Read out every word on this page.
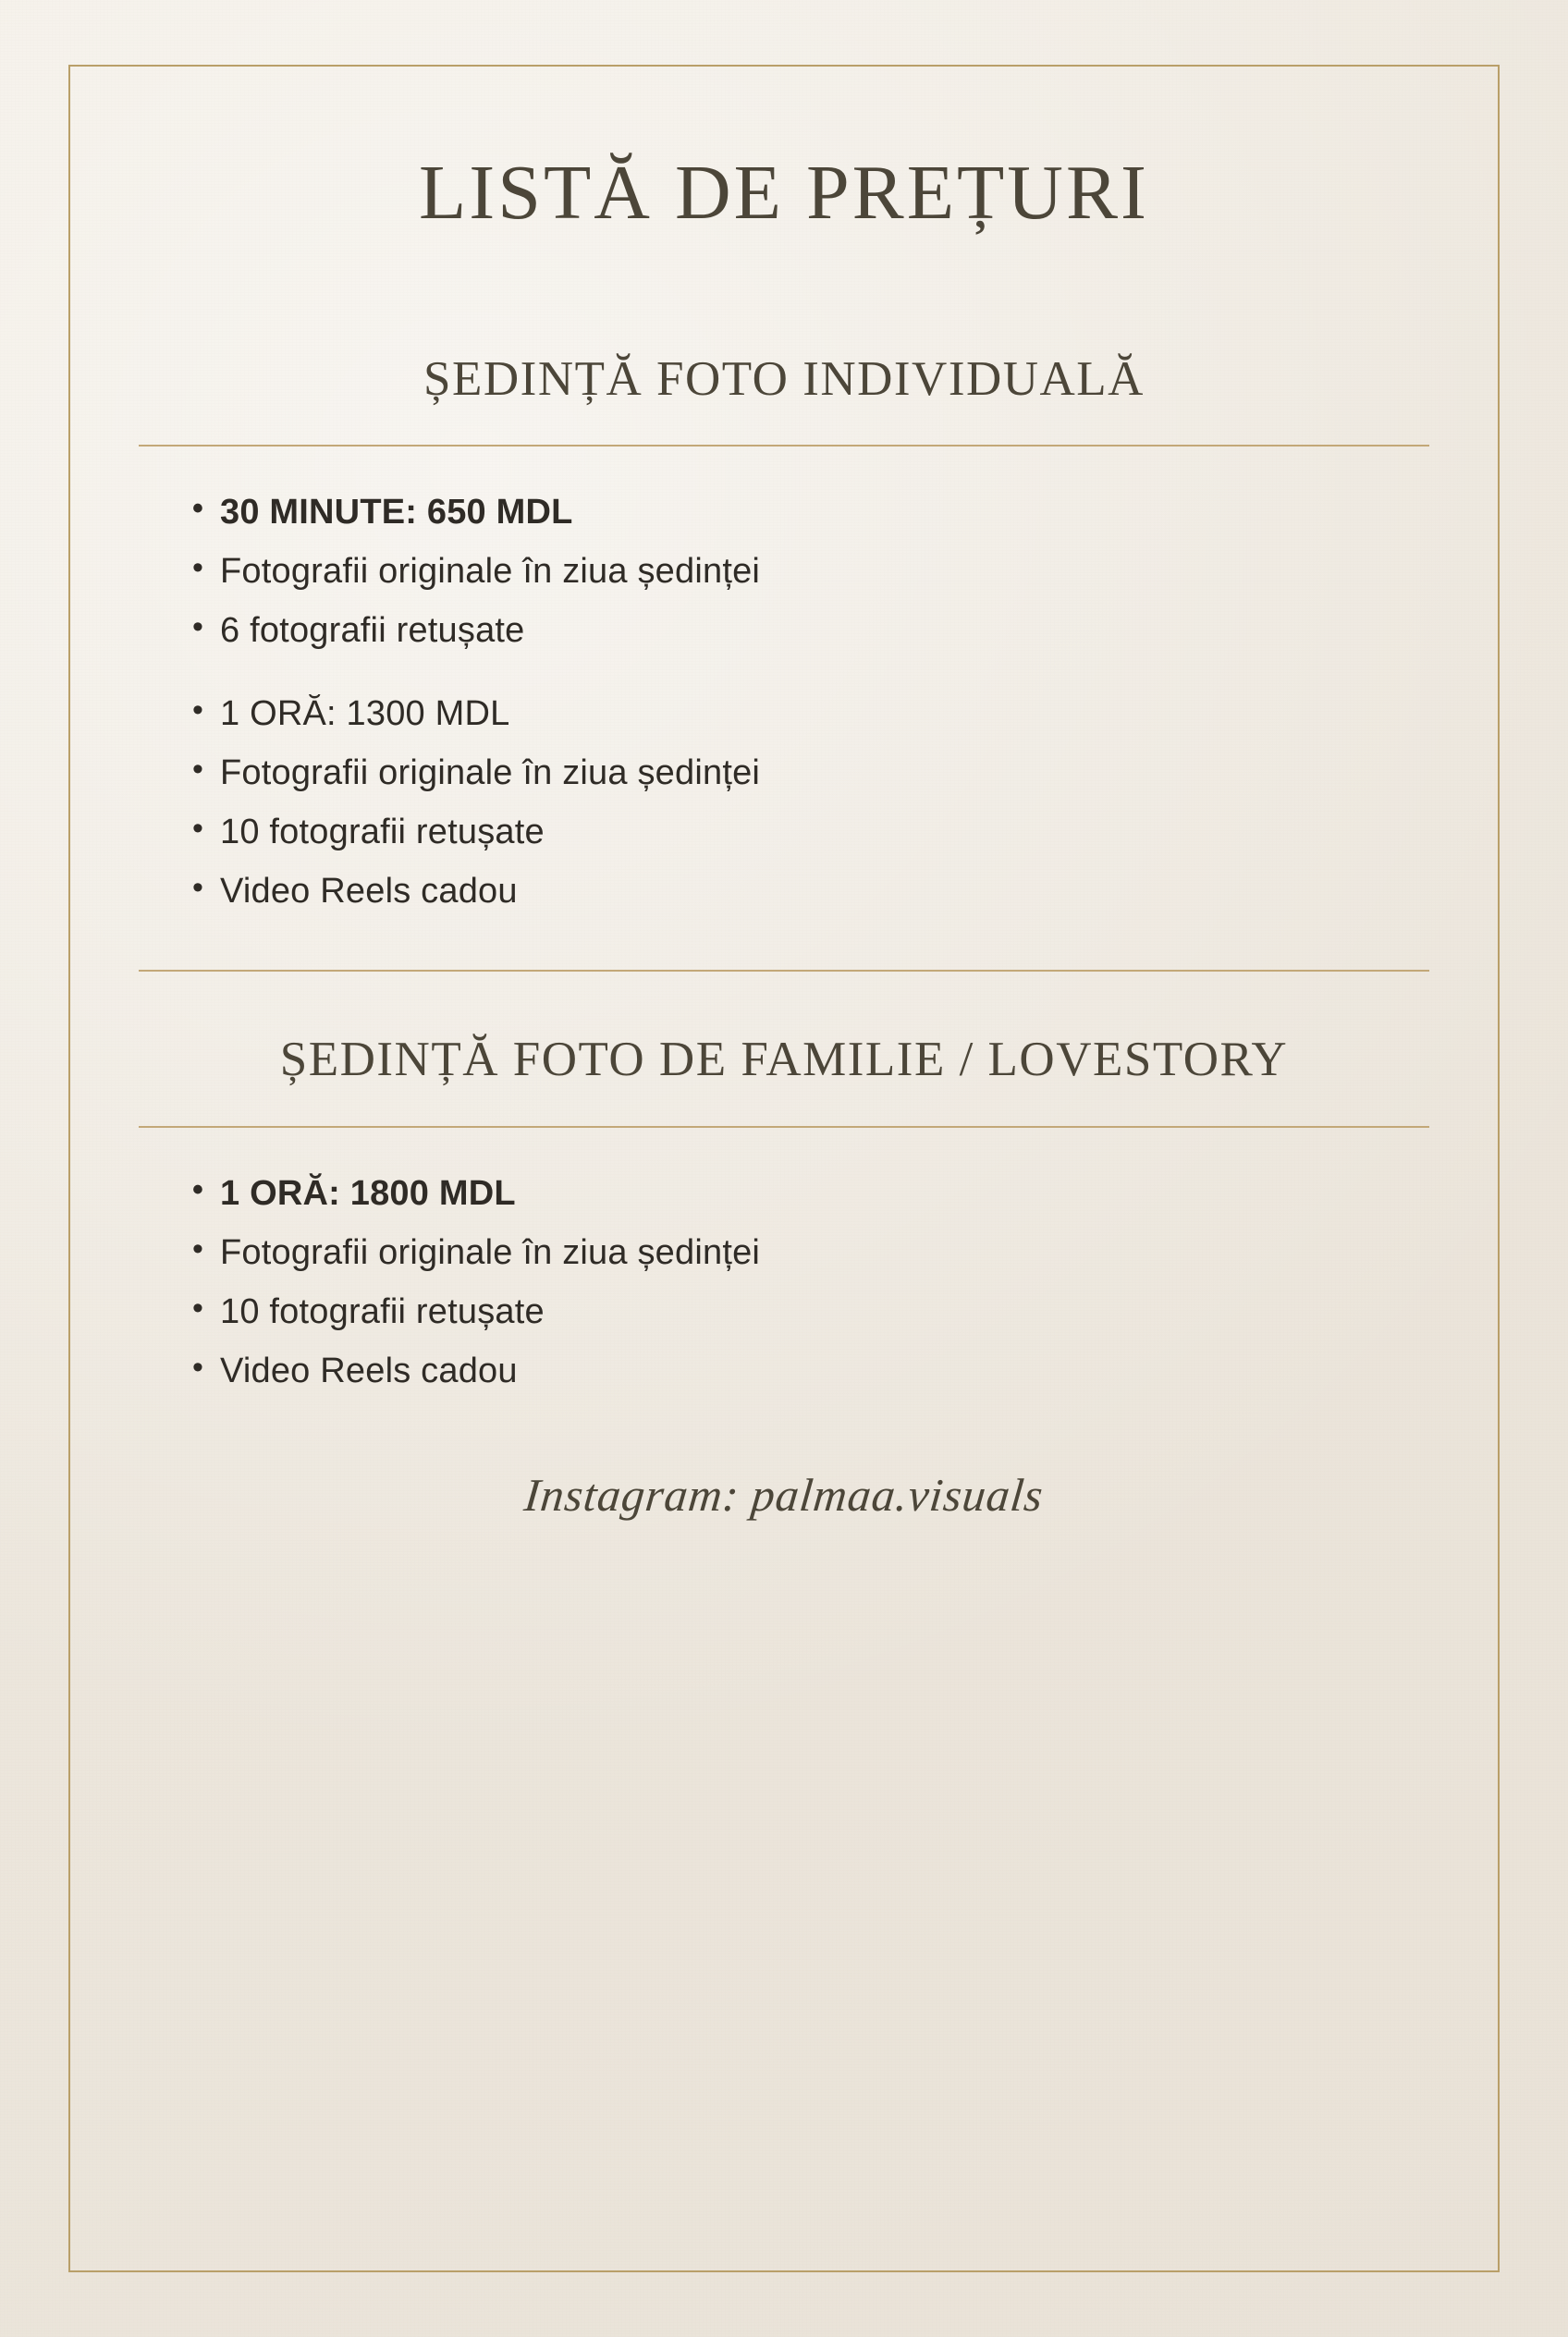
LISTĂ DE PREȚURI
ȘEDINȚĂ FOTO INDIVIDUALĂ
• 30 MINUTE: 650 MDL
• Fotografii originale în ziua ședinței
• 6 fotografii retușate
• 1 ORĂ: 1300 MDL
• Fotografii originale în ziua ședinței
• 10 fotografii retușate
• Video Reels cadou
ȘEDINȚĂ FOTO DE FAMILIE / LOVESTORY
• 1 ORĂ: 1800 MDL
• Fotografii originale în ziua ședinței
• 10 fotografii retușate
• Video Reels cadou
Instagram: palmaa.visuals
